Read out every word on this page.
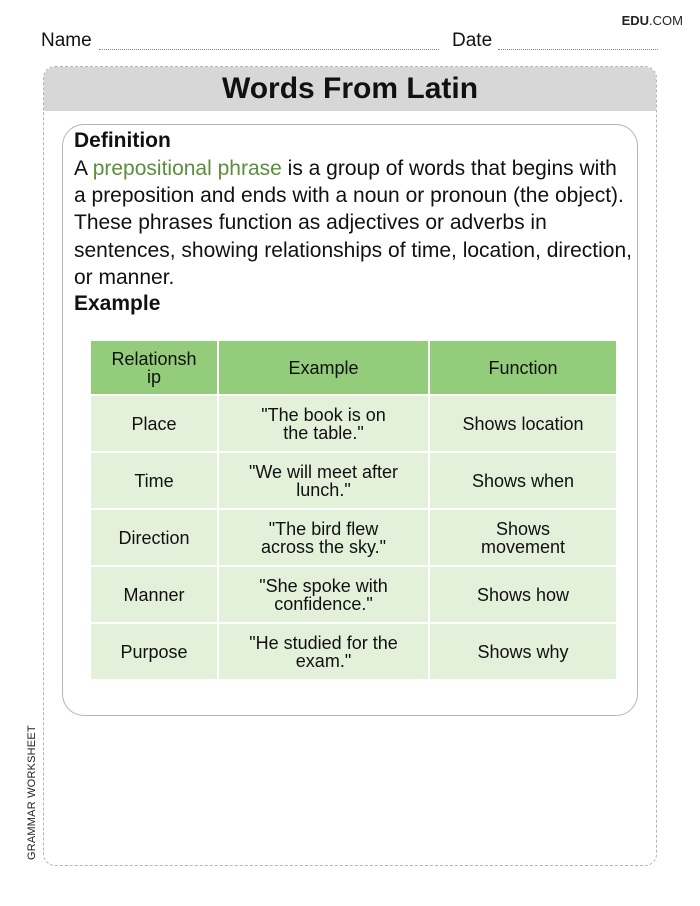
EDU.COM
Name	Date
Words From Latin
Definition

A prepositional phrase is a group of words that begins with a preposition and ends with a noun or pronoun (the object). These phrases function as adjectives or adverbs in sentences, showing relationships of time, location, direction, or manner.

Example
Relationship	Example	Function
Place	"The book is on the table."	Shows location
Time	"We will meet after lunch."	Shows when
Direction	"The bird flew across the sky."	Shows movement
Manner	"She spoke with confidence."	Shows how
Purpose	"He studied for the exam."	Shows why
GRAMMAR WORKSHEET
